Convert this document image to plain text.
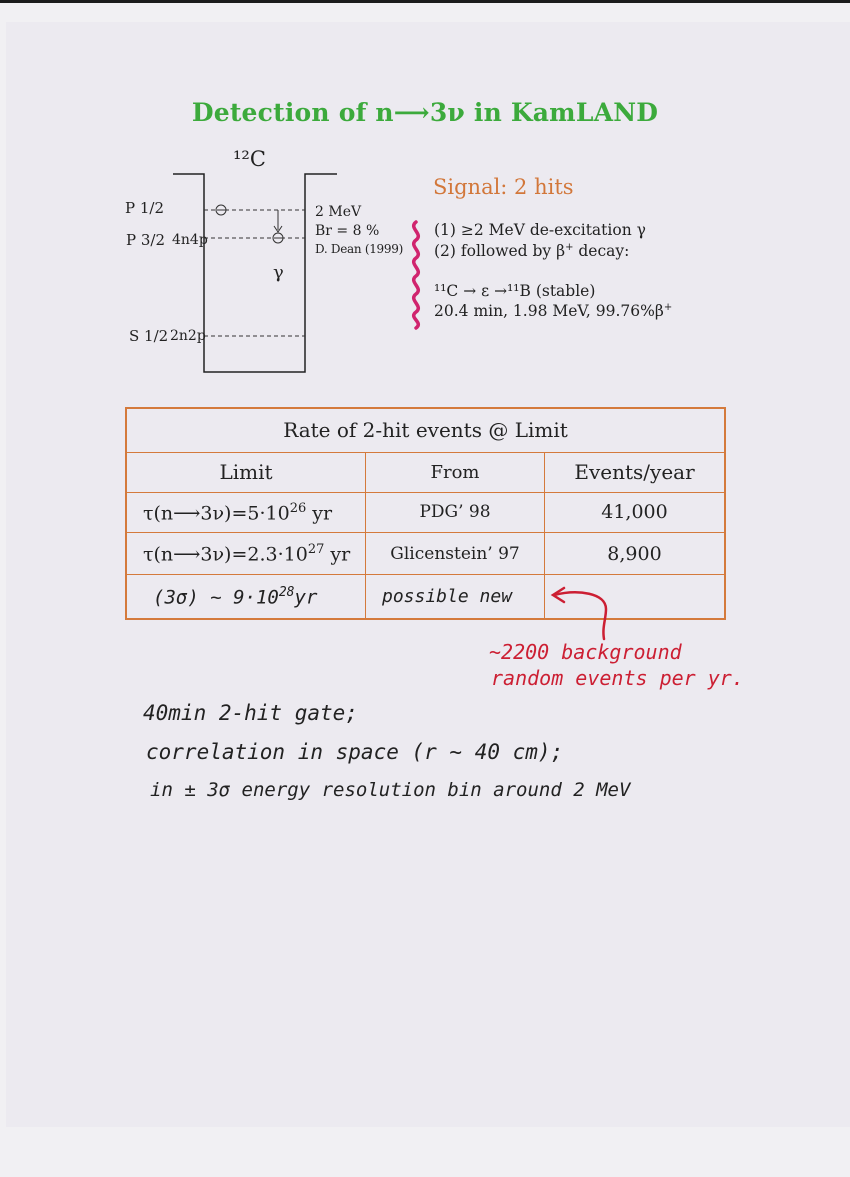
Detection of n⟶3ν in KamLAND
¹²C
P 1/2
P 3/2 4n4p
S 1/2 2n2p
γ
2 MeV
Br = 8 %
D. Dean (1999)
Signal: 2 hits
(1) ≥2 MeV de-excitation γ
(2) followed by β+ decay:
¹¹C → ε →¹¹B (stable)
20.4 min, 1.98 MeV, 99.76%β+
Rate of 2-hit events @ Limit		
Limit	From	Events/year
$\tau(n⟶3\nu)=5\cdot 10^{26}$ yr	PDG’ 98	41,000
$\tau(n⟶3\nu)=2.3\cdot 10^{27}$ yr	Glicenstein’ 97	8,900
(3σ) ~ $9\cdot 10^{28}yr$	possible new	
~2200 background
random events per yr.
40min 2-hit gate;
correlation in space (r ~ 40 cm);
in ± 3σ energy resolution bin around 2 MeV
